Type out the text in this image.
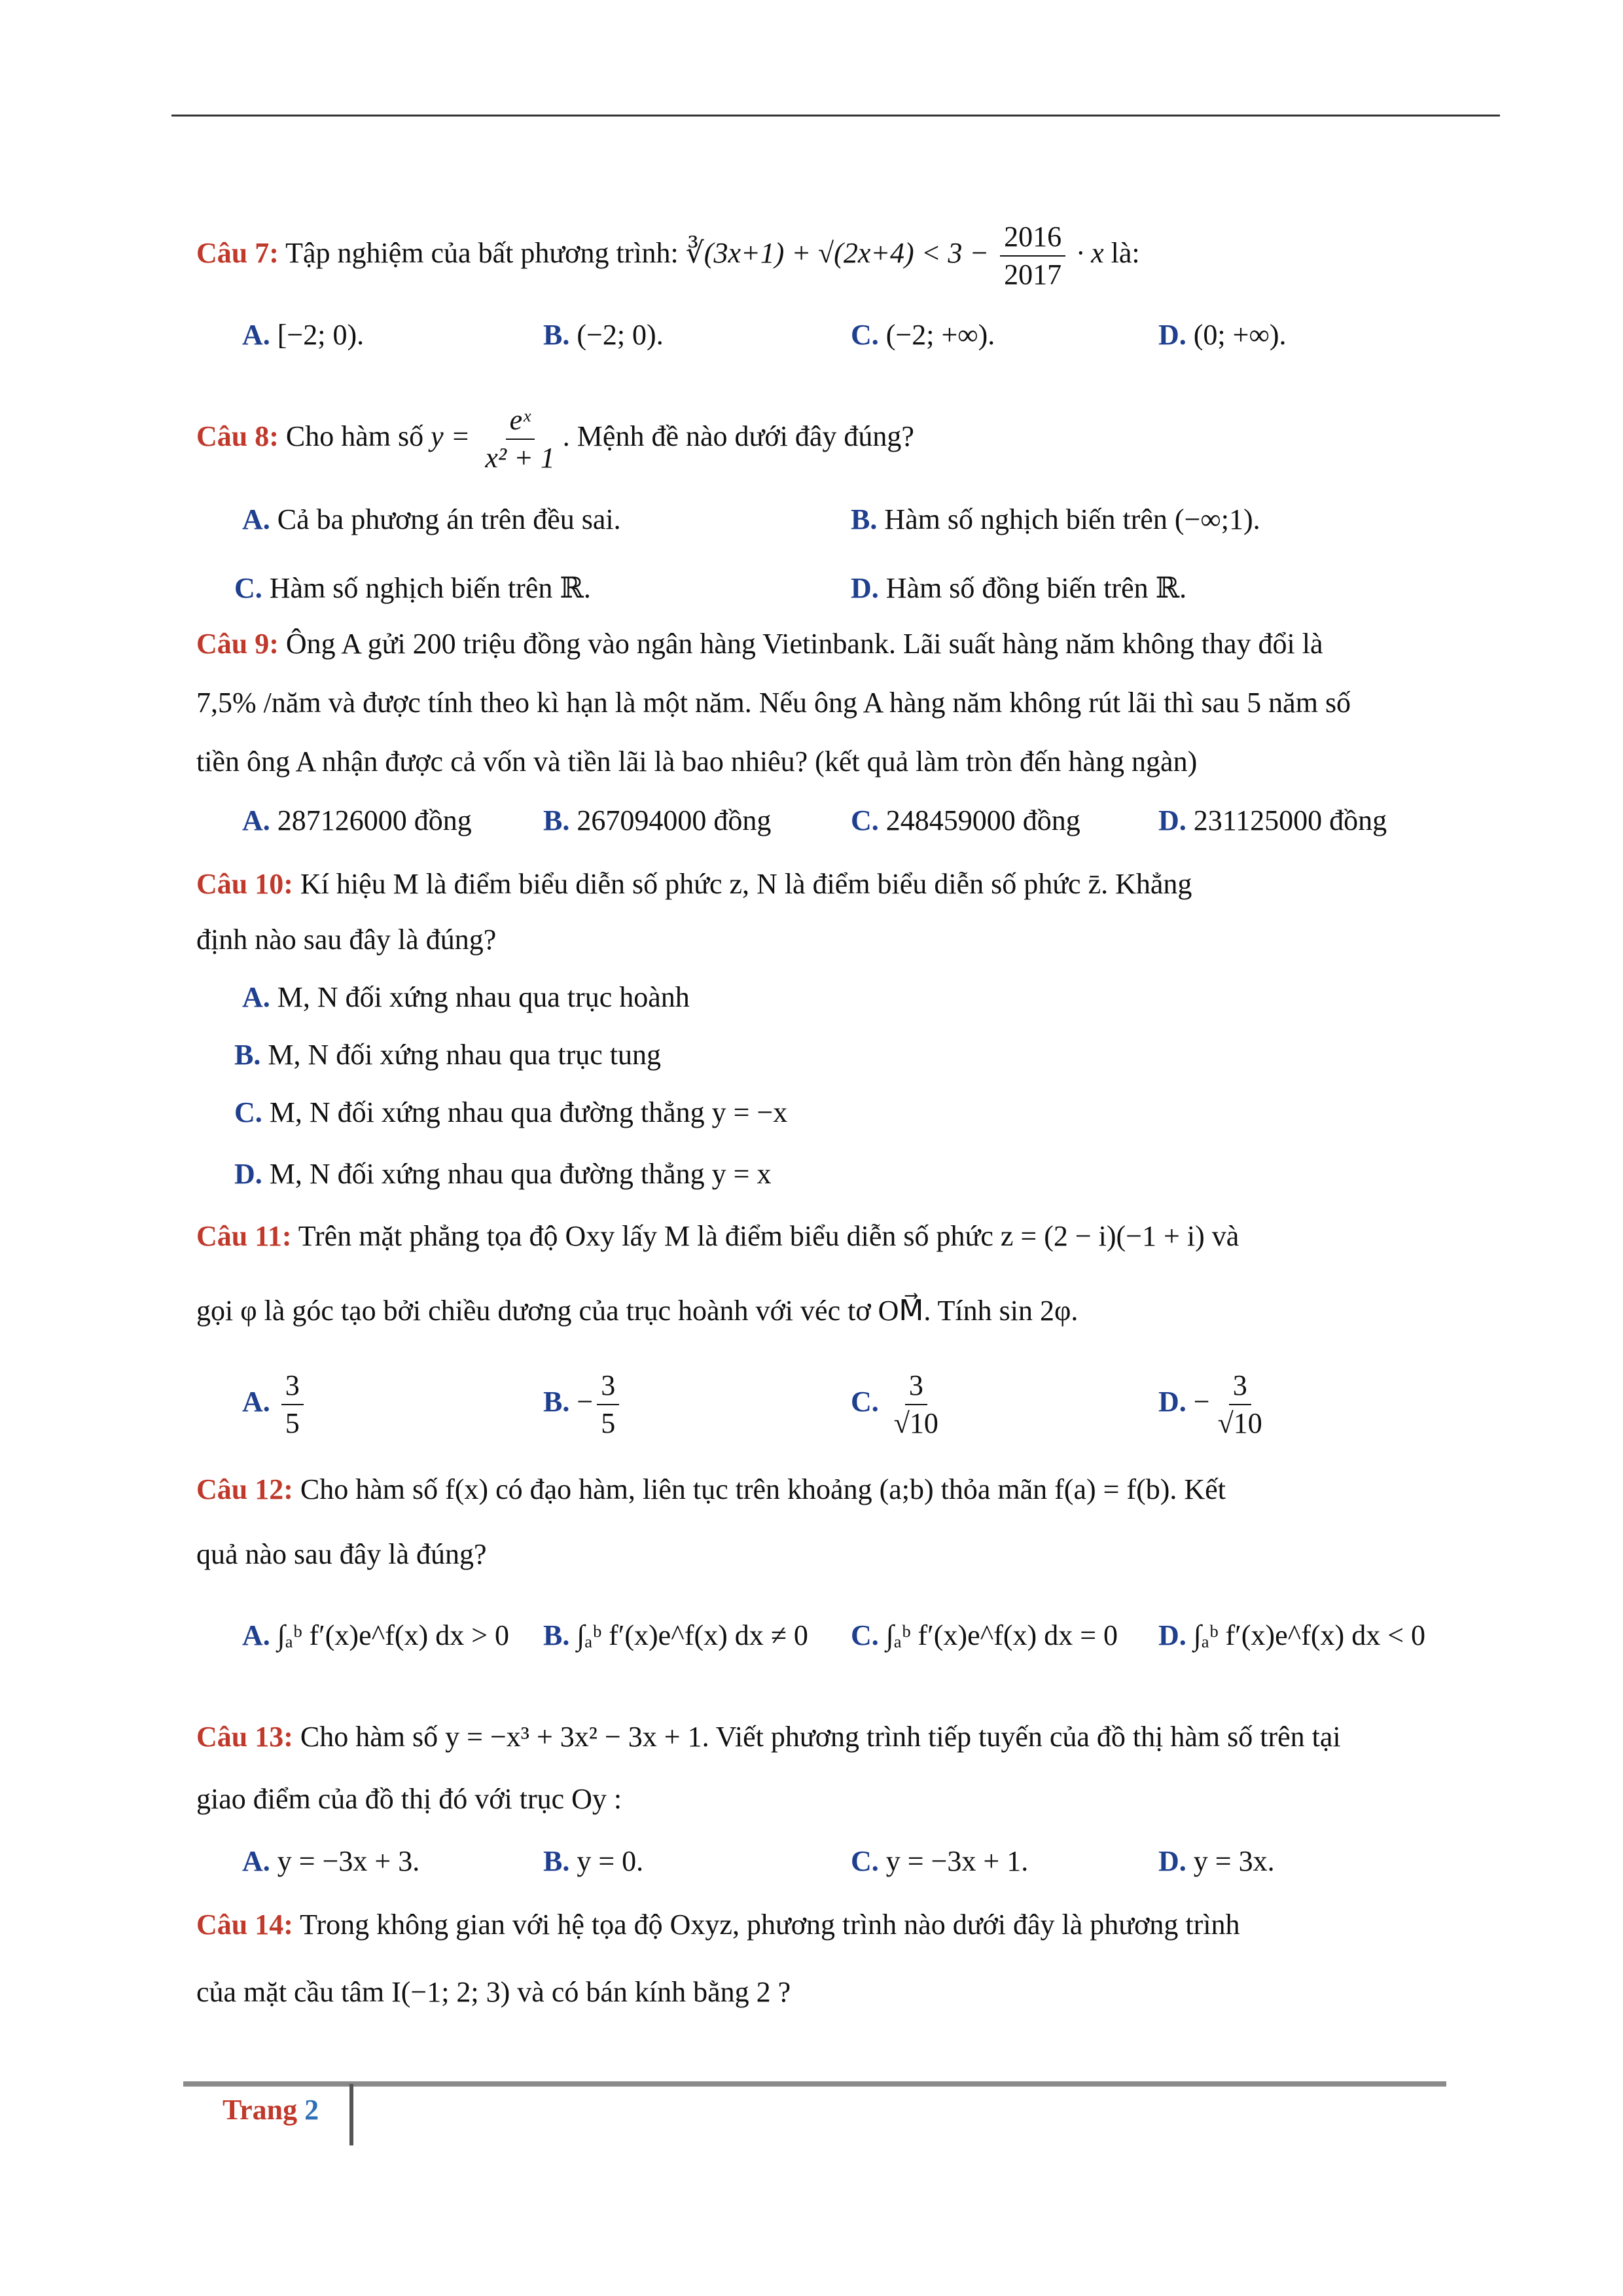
Câu 7: Tập nghiệm của bất phương trình: ∛(3x+1) + $√(2x+4) < 3 - \frac{2016}{2017} \cdot x$ là:
A. [−2; 0).	B. (−2; 0).	C. (−2; +∞).	D. (0; +∞).
Câu 8: Cho hàm số $y = \frac{\text{eˣ}}{\text{x² + 1}}$ . Mệnh đề nào dưới đây đúng?
A. Cả ba phương án trên đều sai.	B. Hàm số nghịch biến trên (−∞;1).
C. Hàm số nghịch biến trên ℝ.	D. Hàm số đồng biến trên ℝ.
Câu 9: Ông A gửi 200 triệu đồng vào ngân hàng Vietinbank. Lãi suất hàng năm không thay đổi là
7,5% /năm và được tính theo kì hạn là một năm. Nếu ông A hàng năm không rút lãi thì sau 5 năm số
tiền ông A nhận được cả vốn và tiền lãi là bao nhiêu? (kết quả làm tròn đến hàng ngàn)
A. 287126000 đồng B. 267094000 đồng	C. 248459000 đồng	D. 231125000 đồng
Câu 10: Kí hiệu M là điểm biểu diễn số phức z, N là điểm biểu diễn số phức z̄. Khẳng
định nào sau đây là đúng?
A. M, N đối xứng nhau qua trục hoành
B. M, N đối xứng nhau qua trục tung
C. M, N đối xứng nhau qua đường thẳng y = −x
D. M, N đối xứng nhau qua đường thẳng y = x
Câu 11: Trên mặt phẳng tọa độ Oxy lấy M là điểm biểu diễn số phức z = (2 − i)(−1 + i) và
gọi φ là góc tạo bởi chiều dương của trục hoành với véc tơ OM⃗. Tính sin 2φ.
A. $\frac{3}{5}$	B. − $\frac{3}{5}$	C. $\frac{3}{√10}$	D. − $\frac{3}{√10}$
Câu 12: Cho hàm số f(x) có đạo hàm, liên tục trên khoảng (a;b) thỏa mãn f(a) = f(b). Kết
quả nào sau đây là đúng?
A. ∫ₐᵇ f′(x)e^f(x) dx > 0 B. ∫ₐᵇ f′(x)e^f(x) dx ≠ 0 C. ∫ₐᵇ f′(x)e^f(x) dx = 0 D. ∫ₐᵇ f′(x)e^f(x) dx < 0
Câu 13: Cho hàm số y = −x³ + 3x² − 3x + 1. Viết phương trình tiếp tuyến của đồ thị hàm số trên tại
giao điểm của đồ thị đó với trục Oy :
A. y = −3x + 3.	B. y = 0.	C. y = −3x + 1.	D. y = 3x.
Câu 14: Trong không gian với hệ tọa độ Oxyz, phương trình nào dưới đây là phương trình
của mặt cầu tâm I(−1; 2; 3) và có bán kính bằng 2 ?
Trang 2
